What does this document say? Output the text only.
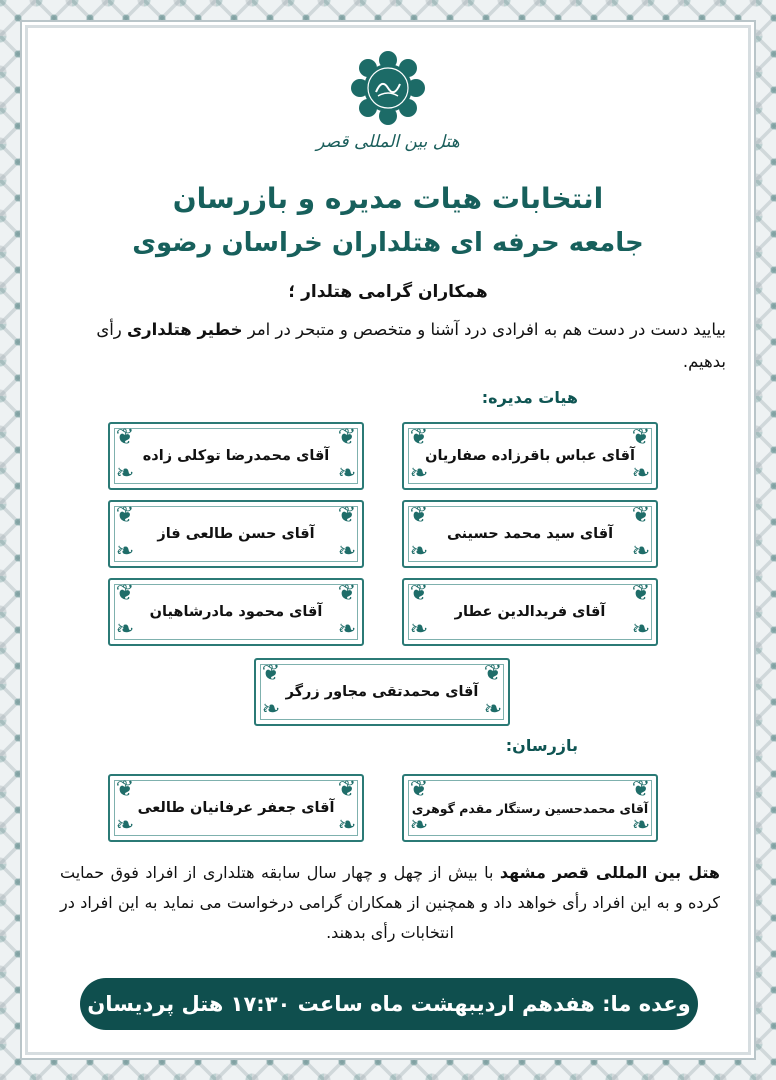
هتل بین المللی قصر
انتخابات هیات مدیره و بازرسان
جامعه حرفه ای هتلداران خراسان رضوی
همکاران گرامی هتلدار ؛
بیایید دست در دست هم به افرادی درد آشنا و متخصص و متبحر در امر خطیر هتلداری رأی بدهیم.
هیات مدیره:
❦	❦
❧	❧
آقای عباس باقرزاده صفاریان
❦	❦
❧	❧
آقای محمدرضا توکلی زاده
❦	❦
❧	❧
آقای سید محمد حسینی
❦	❦
❧	❧
آقای حسن طالعی فاز
❦	❦
❧	❧
آقای فریدالدین عطار
❦	❦
❧	❧
آقای محمود مادرشاهیان
❦	❦
❧	❧
آقای محمدتقی مجاور زرگر
بازرسان:
❦	❦
❧	❧
آقای محمدحسین رستگار مقدم گوهری
❦	❦
❧	❧
آقای جعفر عرفانیان طالعی
هتل بین المللی قصر مشهد با بیش از چهل و چهار سال سابقه هتلداری از افراد فوق حمایت کرده و به این افراد رأی خواهد داد و همچنین از همکاران گرامی درخواست می نماید به این افراد در انتخابات رأی بدهند.
وعده ما: هفدهم اردیبهشت ماه ساعت ۱۷:۳۰ هتل پردیسان
